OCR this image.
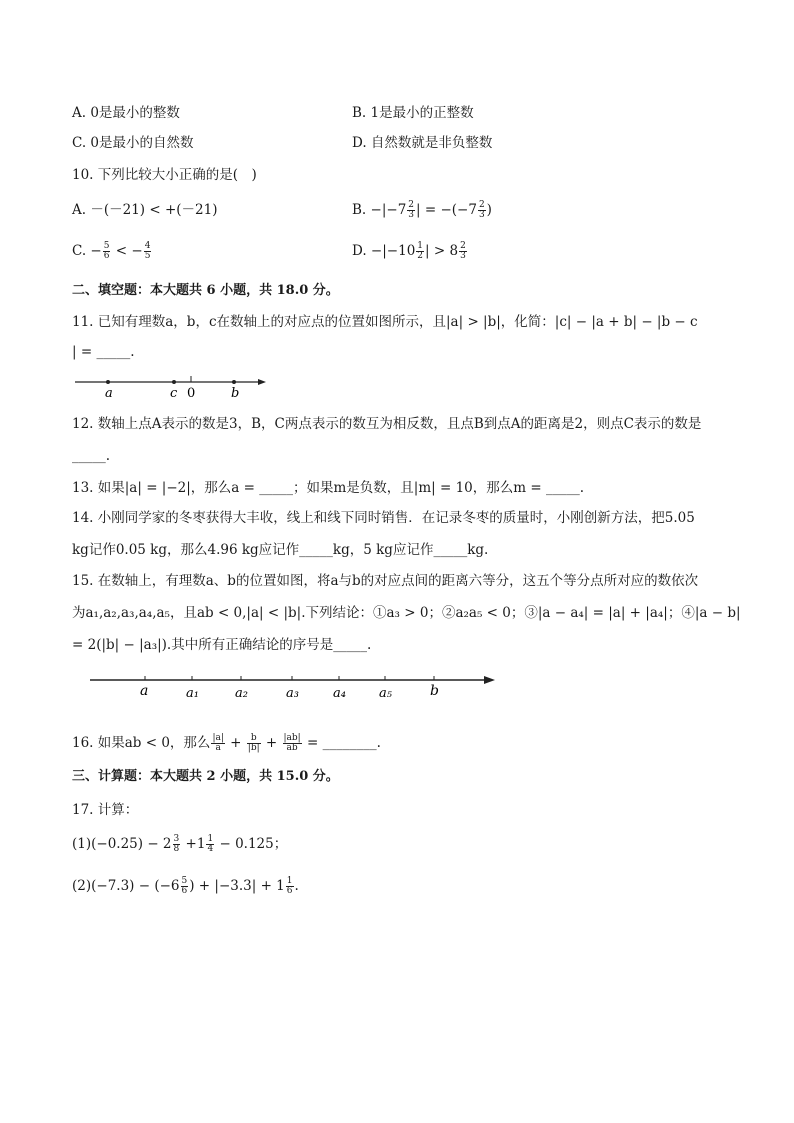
A. 0是最小的整数	B. 1是最小的正整数
C. 0是最小的自然数	D. 自然数就是非负整数
10. 下列比较大小正确的是(　)
A. －(－21) < +(－21)	B. $-|-7 \frac{2}{3}$ | = $-(-7 \frac{2}{3}$ )
C. − $\frac{5}{6}$ < − $\frac{4}{5}$	D. $-|-10 \frac{1}{2}$ | > $8 \frac{2}{3}$
二、填空题：本大题共 6 小题，共 18.0 分。
11. 已知有理数a，b，c在数轴上的对应点的位置如图所示，且|a| > |b|，化简：|c| − |a + b| − |b − c
| = _____.
a	c 0	b
12. 数轴上点A表示的数是3，B，C两点表示的数互为相反数，且点B到点A的距离是2，则点C表示的数是
_____.
13. 如果|a| = |−2|，那么a = _____；如果m是负数，且|m| = 10，那么m = _____.
14. 小刚同学家的冬枣获得大丰收，线上和线下同时销售．在记录冬枣的质量时，小刚创新方法，把5.05
kg记作0.05 kg，那么4.96 kg应记作_____kg，5 kg应记作_____kg.
15. 在数轴上，有理数a、b的位置如图，将a与b的对应点间的距离六等分，这五个等分点所对应的数依次
为a₁,a₂,a₃,a₄,a₅，且ab < 0,|a| < |b|.下列结论：①a₃ > 0；②a₂a₅ < 0；③|a − a₄| = |a| + |a₄|；④|a − b|
= 2(|b| − |a₃|).其中所有正确结论的序号是_____.
a	a₁	a₂	a₃	a₄	a₅	b
16. 如果ab < 0，那么 $\frac{|a|}{a} + \frac{b}{|b|} + \frac{|ab|}{ab}$ = ________.
三、计算题：本大题共 2 小题，共 15.0 分。
17. 计算：
$(1)(-0.25) - 2 \frac{3}{8} +1 \frac{1}{4} - 0.125$；
$(2)(-7.3) - (-6 \frac{5}{6}$ ) + $|-3.3| + 1 \frac{1}{6}$ .
